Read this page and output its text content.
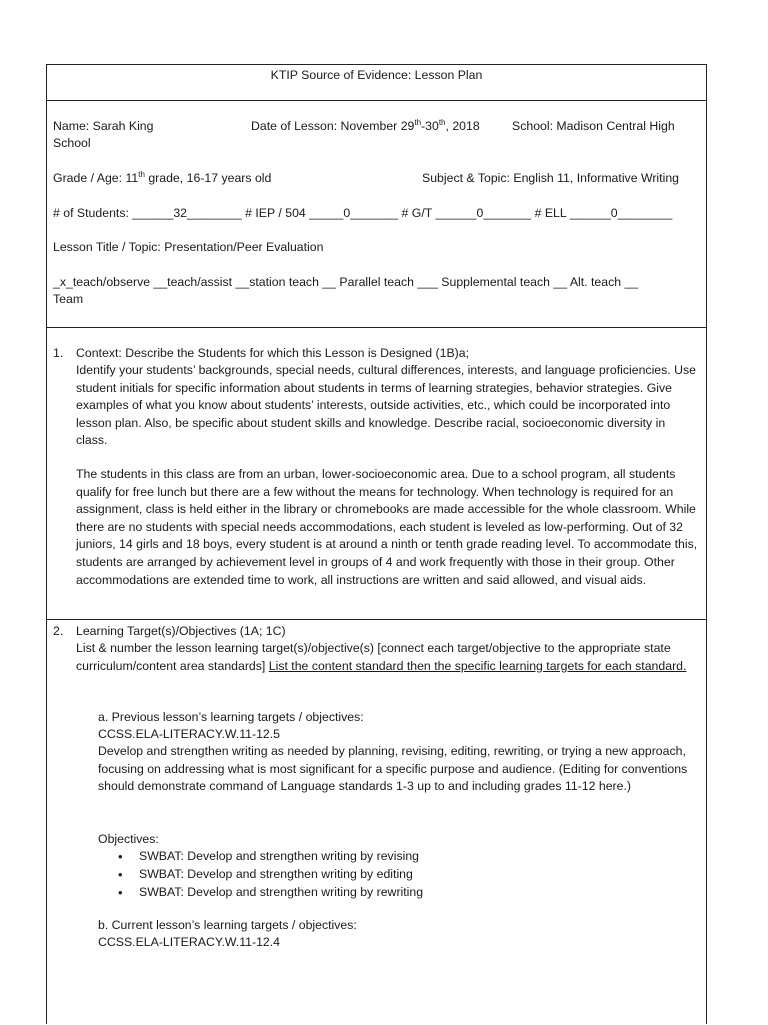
KTIP Source of Evidence: Lesson Plan
Name: Sarah King	Date of Lesson: November 29th-30th, 2018	School: Madison Central High
School
Grade / Age: 11th grade, 16-17 years old	Subject & Topic: English 11, Informative Writing
# of Students: ______32________ # IEP / 504 _____0_______ # G/T ______0_______ # ELL ______0________
Lesson Title / Topic: Presentation/Peer Evaluation
_x_teach/observe __teach/assist __station teach __ Parallel teach ___ Supplemental teach __ Alt. teach __
Team
1. Context: Describe the Students for which this Lesson is Designed (1B)a;
Identify your students’ backgrounds, special needs, cultural differences, interests, and language proficiencies. Use student initials for specific information about students in terms of learning strategies, behavior strategies. Give examples of what you know about students’ interests, outside activities, etc., which could be incorporated into lesson plan. Also, be specific about student skills and knowledge. Describe racial, socioeconomic diversity in class.
The students in this class are from an urban, lower-socioeconomic area. Due to a school program, all students qualify for free lunch but there are a few without the means for technology. When technology is required for an assignment, class is held either in the library or chromebooks are made accessible for the whole classroom. While there are no students with special needs accommodations, each student is leveled as low-performing. Out of 32 juniors, 14 girls and 18 boys, every student is at around a ninth or tenth grade reading level. To accommodate this, students are arranged by achievement level in groups of 4 and work frequently with those in their group. Other accommodations are extended time to work, all instructions are written and said allowed, and visual aids.
2. Learning Target(s)/Objectives (1A; 1C)
List & number the lesson learning target(s)/objective(s) [connect each target/objective to the appropriate state curriculum/content area standards] List the content standard then the specific learning targets for each standard.
a. Previous lesson’s learning targets / objectives:
CCSS.ELA-LITERACY.W.11-12.5
Develop and strengthen writing as needed by planning, revising, editing, rewriting, or trying a new approach, focusing on addressing what is most significant for a specific purpose and audience. (Editing for conventions should demonstrate command of Language standards 1-3 up to and including grades 11-12 here.)
Objectives:
• SWBAT: Develop and strengthen writing by revising
• SWBAT: Develop and strengthen writing by editing
• SWBAT: Develop and strengthen writing by rewriting
b. Current lesson’s learning targets / objectives:
CCSS.ELA-LITERACY.W.11-12.4
